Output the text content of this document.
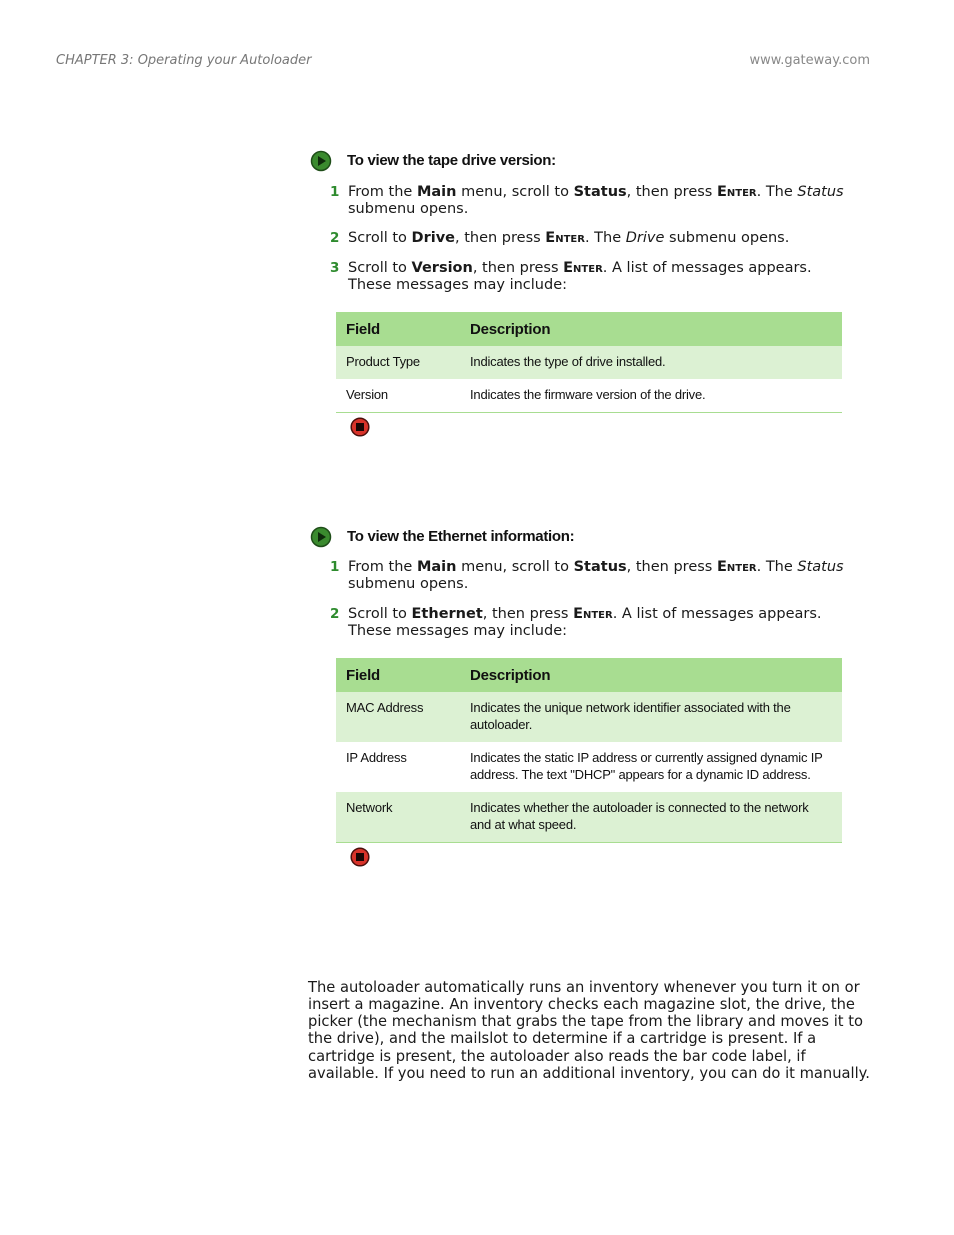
CHAPTER 3: Operating your Autoloader	www.gateway.com
To view the tape drive version:
1 From the Main menu, scroll to Status, then press Enter. The Status submenu opens.
2 Scroll to Drive, then press Enter. The Drive submenu opens.
3 Scroll to Version, then press Enter. A list of messages appears. These messages may include:
Field	Description
Product Type	Indicates the type of drive installed.
Version	Indicates the firmware version of the drive.
To view the Ethernet information:
1 From the Main menu, scroll to Status, then press Enter. The Status submenu opens.
2 Scroll to Ethernet, then press Enter. A list of messages appears. These messages may include:
Field	Description
MAC Address	Indicates the unique network identifier associated with the autoloader.
IP Address	Indicates the static IP address or currently assigned dynamic IP address. The text "DHCP" appears for a dynamic ID address.
Network	Indicates whether the autoloader is connected to the network and at what speed.

The autoloader automatically runs an inventory whenever you turn it on or insert a magazine. An inventory checks each magazine slot, the drive, the picker (the mechanism that grabs the tape from the library and moves it to the drive), and the mailslot to determine if a cartridge is present. If a cartridge is present, the autoloader also reads the bar code label, if available. If you need to run an additional inventory, you can do it manually.
